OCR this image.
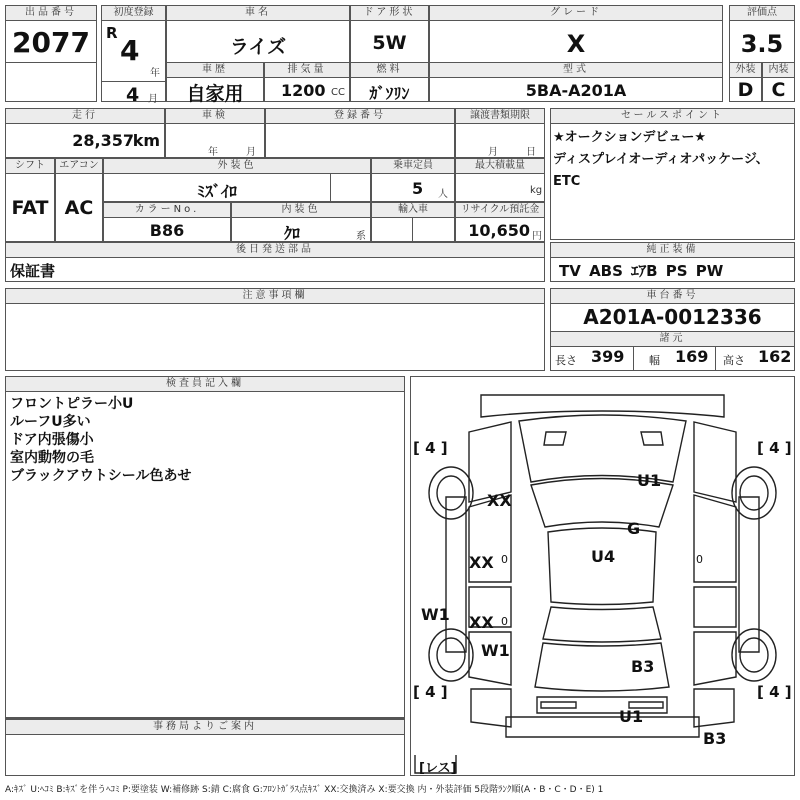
出品番号
2077
初度登録
R
4
年
4 月
車名
ライズ
ドア形状
5W
グレード
X
評価点
3.5
車歴
自家用
排気量
1200 CC
燃料
ｶﾞｿﾘﾝ
型式
5BA-A201A
外装
D
内装
C
走行
28,357
km
車検
年	月
登録番号	譲渡書類期限
月	日
セールスポイント
★オークションデビュー★
ディスプレイオーディオパッケージ、ETC
シフト
FAT
エアコン
AC
外装色
ﾐｽﾞｲﾛ
乗車定員
5 人
最大積載量
kg
カラーNo.
B86
内装色
ｸﾛ	系
輸入車	リサイクル預託金
10,650 円
後日発送部品
保証書
純正装備
TV ABS ｴｱB PS PW
注意事項欄	車台番号
A201A-0012336
諸元
長さ 399 幅 169 高さ 162
検査員記入欄
フロントピラー小U
ルーフU多い
ドア内張傷小
室内動物の毛
ブラックアウトシール色あせ
事務局よりご案内
[ 4 ]	[ 4 ]
[ 4 ]	[ 4 ]
U1
G
U4
XX
XX
XX
W1
W1
B3
U1
B3
0
0
0
[レス]
A:ｷｽﾞ U:ﾍｺﾐ B:ｷｽﾞを伴うﾍｺﾐ P:要塗装 W:補修跡 S:錆 C:腐食 G:ﾌﾛﾝﾄｶﾞﾗｽ点ｷｽﾞ XX:交換済み X:要交換 内・外装評価 5段階ﾗﾝｸ順(A・B・C・D・E) 1
